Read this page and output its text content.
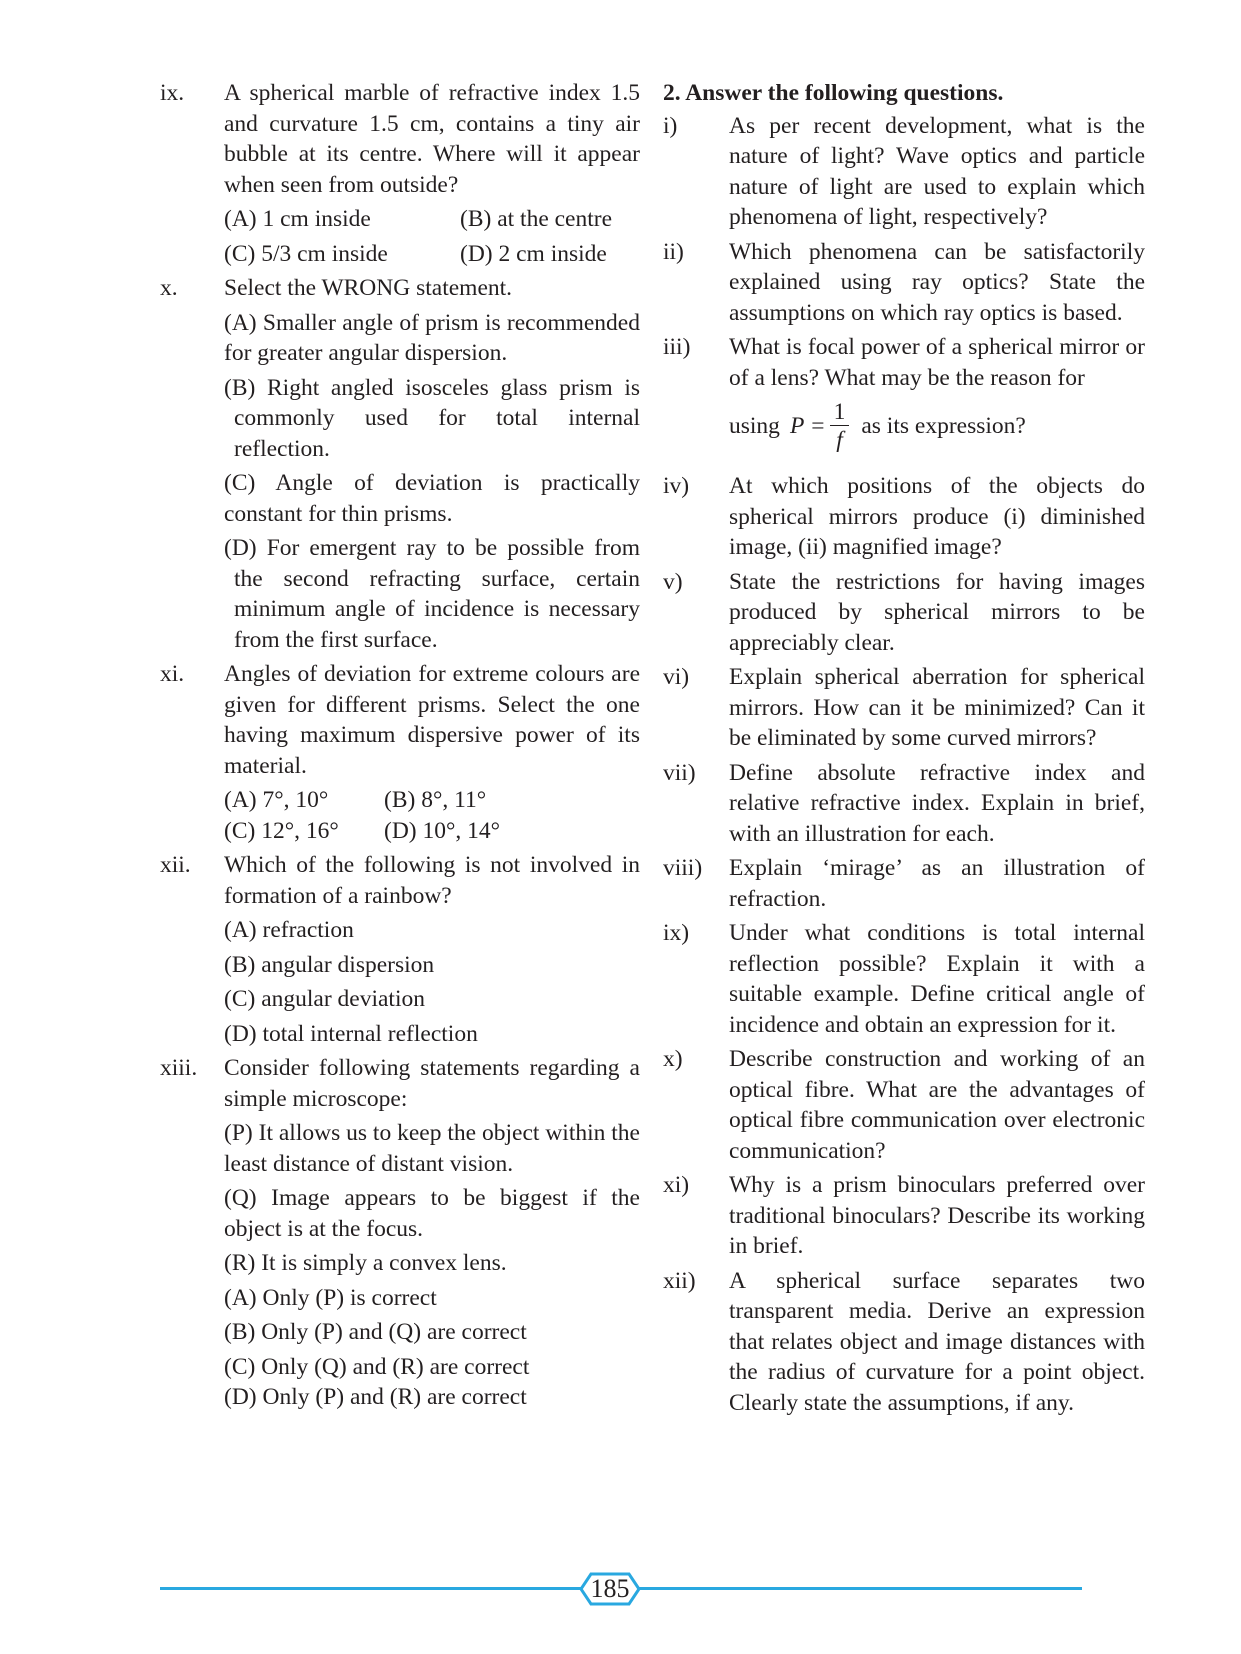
ix. A spherical marble of refractive index 1.5 and curvature 1.5 cm, contains a tiny air bubble at its centre. Where will it appear when seen from outside?
(A) 1 cm inside	(B) at the centre
(C) 5/3 cm inside	(D) 2 cm inside
x. Select the WRONG statement.
(A) Smaller angle of prism is recommended for greater angular dispersion.
(B) Right angled isosceles glass prism is commonly used for total internal reflection.
(C) Angle of deviation is practically constant for thin prisms.
(D) For emergent ray to be possible from the second refracting surface, certain minimum angle of incidence is necessary from the first surface.
xi. Angles of deviation for extreme colours are given for different prisms. Select the one having maximum dispersive power of its material.
(A) 7°, 10°	(B) 8°, 11°
(C) 12°, 16°	(D) 10°, 14°
xii. Which of the following is not involved in formation of a rainbow?
(A) refraction
(B) angular dispersion
(C) angular deviation
(D) total internal reflection
xiii. Consider following statements regarding a simple microscope:
(P) It allows us to keep the object within the least distance of distant vision.
(Q) Image appears to be biggest if the object is at the focus.
(R) It is simply a convex lens.
(A) Only (P) is correct
(B) Only (P) and (Q) are correct
(C) Only (Q) and (R) are correct
(D) Only (P) and (R) are correct
2. Answer the following questions.
i) As per recent development, what is the nature of light? Wave optics and particle nature of light are used to explain which phenomena of light, respectively?
ii) Which phenomena can be satisfactorily explained using ray optics? State the assumptions on which ray optics is based.
iii) What is focal power of a spherical mirror or of a lens? What may be the reason for
using $P = \frac{1}{f}$ as its expression?
iv) At which positions of the objects do spherical mirrors produce (i) diminished image, (ii) magnified image?
v) State the restrictions for having images produced by spherical mirrors to be appreciably clear.
vi) Explain spherical aberration for spherical mirrors. How can it be minimized? Can it be eliminated by some curved mirrors?
vii) Define absolute refractive index and relative refractive index. Explain in brief, with an illustration for each.
viii) Explain ‘mirage’ as an illustration of refraction.
ix) Under what conditions is total internal reflection possible? Explain it with a suitable example. Define critical angle of incidence and obtain an expression for it.
x) Describe construction and working of an optical fibre. What are the advantages of optical fibre communication over electronic communication?
xi) Why is a prism binoculars preferred over traditional binoculars? Describe its working in brief.
xii) A spherical surface separates two transparent media. Derive an expression that relates object and image distances with the radius of curvature for a point object. Clearly state the assumptions, if any.
185
